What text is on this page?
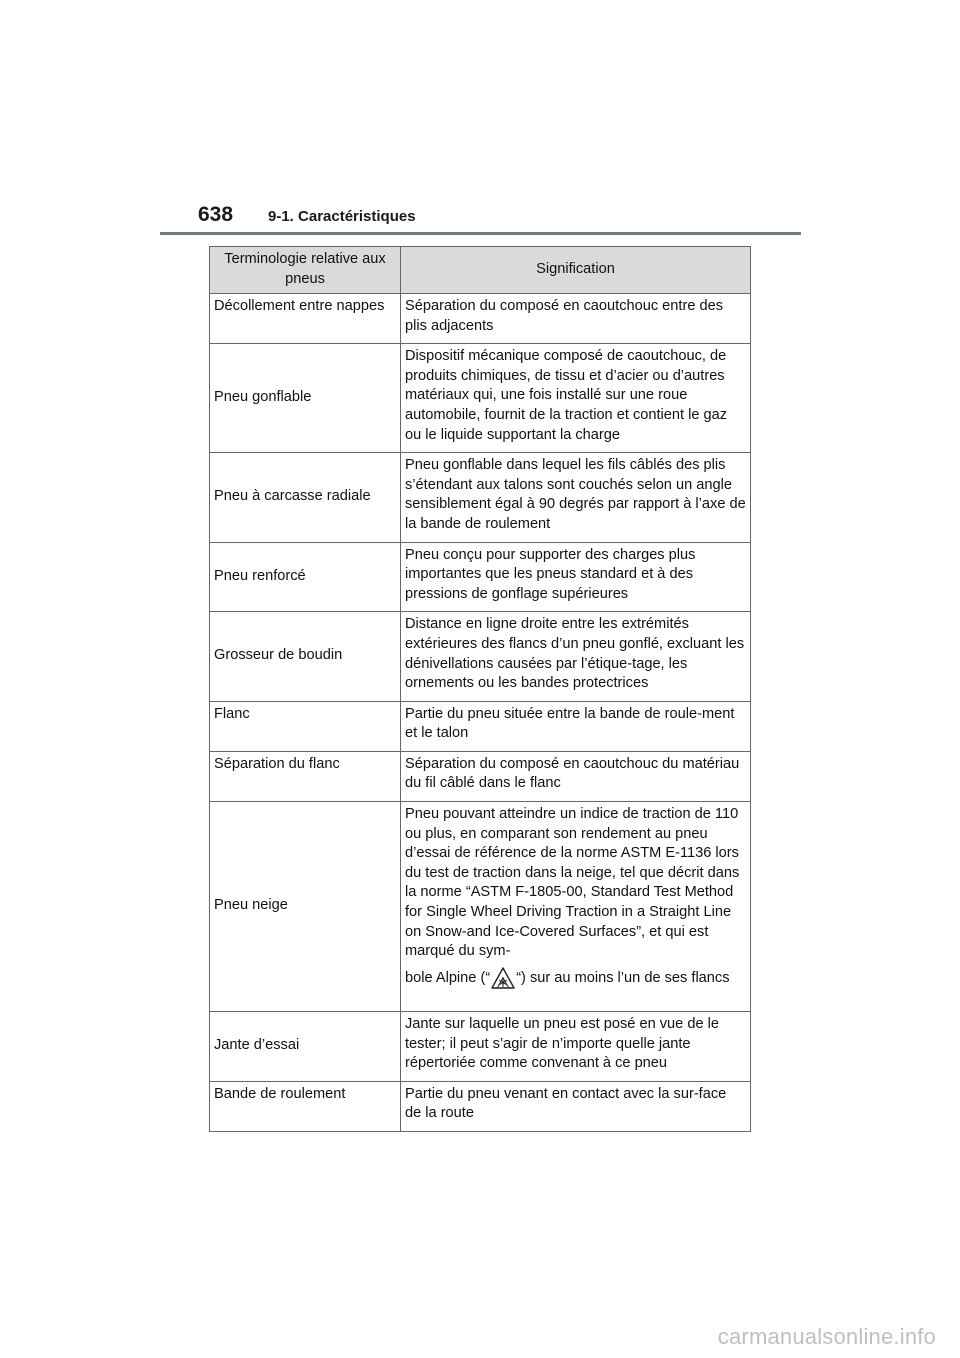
638	9-1. Caractéristiques
Terminologie relative aux pneus	Signification
Décollement entre nappes	Séparation du composé en caoutchouc entre des plis adjacents
Pneu gonflable	Dispositif mécanique composé de caoutchouc, de produits chimiques, de tissu et d’acier ou d’autres matériaux qui, une fois installé sur une roue automobile, fournit de la traction et contient le gaz ou le liquide supportant la charge
Pneu à carcasse radiale	Pneu gonflable dans lequel les fils câblés des plis s’étendant aux talons sont couchés selon un angle sensiblement égal à 90 degrés par rapport à l’axe de la bande de roulement
Pneu renforcé	Pneu conçu pour supporter des charges plus importantes que les pneus standard et à des pressions de gonflage supérieures
Grosseur de boudin	Distance en ligne droite entre les extrémités extérieures des flancs d’un pneu gonflé, excluant les dénivellations causées par l’étique-tage, les ornements ou les bandes protectrices
Flanc	Partie du pneu située entre la bande de roule-ment et le talon
Séparation du flanc	Séparation du composé en caoutchouc du matériau du fil câblé dans le flanc
Pneu neige	Pneu pouvant atteindre un indice de traction de 110 ou plus, en comparant son rendement au pneu d’essai de référence de la norme ASTM E-1136 lors du test de traction dans la neige, tel que décrit dans la norme “ASTM F-1805-00, Standard Test Method for Single Wheel Driving Traction in a Straight Line on Snow-and Ice-Covered Surfaces”, et qui est marqué du sym-
bole Alpine (“ “) sur au moins l’un de ses flancs
Jante d’essai	Jante sur laquelle un pneu est posé en vue de le tester; il peut s’agir de n’importe quelle jante répertoriée comme convenant à ce pneu
Bande de roulement	Partie du pneu venant en contact avec la sur-face de la route
carmanualsonline.info
